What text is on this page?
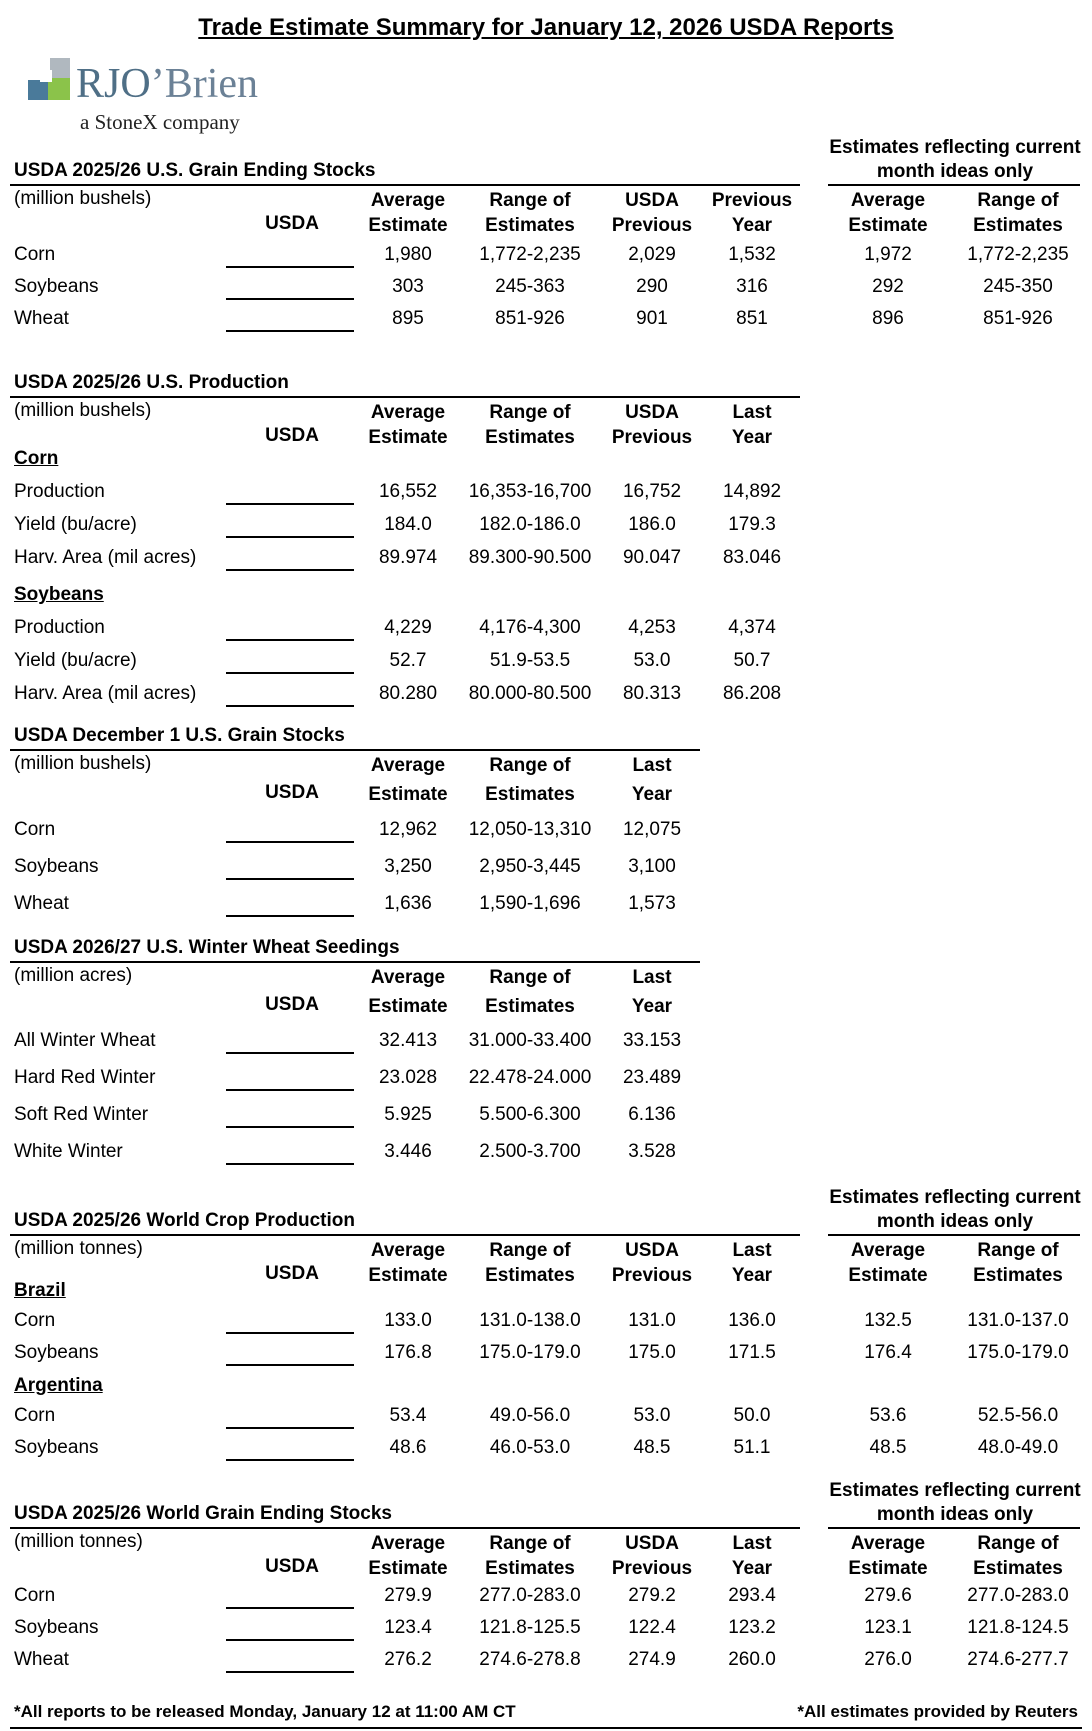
Trade Estimate Summary for January 12, 2026 USDA Reports
RJO’Brien
a StoneX company
Estimates reflecting current
month ideas only
USDA 2025/26 U.S. Grain Ending Stocks
(million bushels)
USDA
Average
Estimate
Range of
Estimates
USDA
Previous
Previous
Year
Average
Estimate
Range of
Estimates
Corn	1,980	1,772-2,235	2,029	1,532	1,972	1,772-2,235
Soybeans	303	245-363	290	316	292	245-350
Wheat	895	851-926	901	851	896	851-926
USDA 2025/26 U.S. Production
(million bushels)
USDA
Average
Estimate
Range of
Estimates
USDA
Previous
Last
Year
Corn
Production	16,552	16,353-16,700	16,752	14,892
Yield (bu/acre)	184.0	182.0-186.0	186.0	179.3
Harv. Area (mil acres)	89.974	89.300-90.500	90.047	83.046
Soybeans
Production	4,229	4,176-4,300	4,253	4,374
Yield (bu/acre)	52.7	51.9-53.5	53.0	50.7
Harv. Area (mil acres)	80.280	80.000-80.500	80.313	86.208
USDA December 1 U.S. Grain Stocks
(million bushels)
USDA
Average
Estimate
Range of
Estimates
Last
Year
Corn	12,962	12,050-13,310	12,075
Soybeans	3,250	2,950-3,445	3,100
Wheat	1,636	1,590-1,696	1,573
USDA 2026/27 U.S. Winter Wheat Seedings
(million acres)
USDA
Average
Estimate
Range of
Estimates
Last
Year
All Winter Wheat	32.413	31.000-33.400	33.153
Hard Red Winter	23.028	22.478-24.000	23.489
Soft Red Winter	5.925	5.500-6.300	6.136
White Winter	3.446	2.500-3.700	3.528
Estimates reflecting current
month ideas only
USDA 2025/26 World Crop Production
(million tonnes)
USDA
Average
Estimate
Range of
Estimates
USDA
Previous
Last
Year
Average
Estimate
Range of
Estimates
Brazil
Corn	133.0	131.0-138.0	131.0	136.0	132.5	131.0-137.0
Soybeans	176.8	175.0-179.0	175.0	171.5	176.4	175.0-179.0
Argentina
Corn	53.4	49.0-56.0	53.0	50.0	53.6	52.5-56.0
Soybeans	48.6	46.0-53.0	48.5	51.1	48.5	48.0-49.0
Estimates reflecting current
month ideas only
USDA 2025/26 World Grain Ending Stocks
(million tonnes)
USDA
Average
Estimate
Range of
Estimates
USDA
Previous
Last
Year
Average
Estimate
Range of
Estimates
Corn	279.9	277.0-283.0	279.2	293.4	279.6	277.0-283.0
Soybeans	123.4	121.8-125.5	122.4	123.2	123.1	121.8-124.5
Wheat	276.2	274.6-278.8	274.9	260.0	276.0	274.6-277.7
*All reports to be released Monday, January 12 at 11:00 AM CT	*All estimates provided by Reuters
